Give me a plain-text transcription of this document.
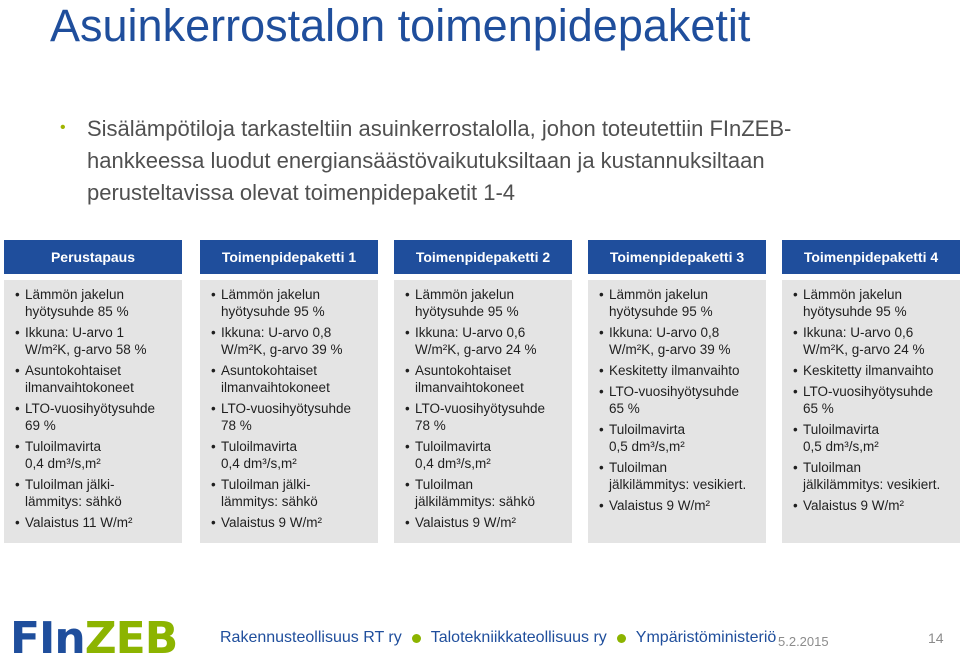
Asuinkerrostalon toimenpidepaketit
• Sisälämpötiloja tarkasteltiin asuinkerrostalolla, johon toteutettiin FInZEB-
hankkeessa luodut energiansäästövaikutuksiltaan ja kustannuksiltaan
perusteltavissa olevat toimenpidepaketit 1-4
Perustapaus
• Lämmön jakelun
hyötysuhde 85 %
• Ikkuna: U-arvo 1
W/m²K, g-arvo 58 %
• Asuntokohtaiset
ilmanvaihtokoneet
• LTO-vuosihyötysuhde
69 %
• Tuloilmavirta
0,4 dm³/s,m²
• Tuloilman jälki-
lämmitys: sähkö
• Valaistus 11 W/m²
Toimenpidepaketti 1
• Lämmön jakelun
hyötysuhde 95 %
• Ikkuna: U-arvo 0,8
W/m²K, g-arvo 39 %
• Asuntokohtaiset
ilmanvaihtokoneet
• LTO-vuosihyötysuhde
78 %
• Tuloilmavirta
0,4 dm³/s,m²
• Tuloilman jälki-
lämmitys: sähkö
• Valaistus 9 W/m²
Toimenpidepaketti 2
• Lämmön jakelun
hyötysuhde 95 %
• Ikkuna: U-arvo 0,6
W/m²K, g-arvo 24 %
• Asuntokohtaiset
ilmanvaihtokoneet
• LTO-vuosihyötysuhde
78 %
• Tuloilmavirta
0,4 dm³/s,m²
• Tuloilman
jälkilämmitys: sähkö
• Valaistus 9 W/m²
Toimenpidepaketti 3
• Lämmön jakelun
hyötysuhde 95 %
• Ikkuna: U-arvo 0,8
W/m²K, g-arvo 39 %
• Keskitetty ilmanvaihto
• LTO-vuosihyötysuhde
65 %
• Tuloilmavirta
0,5 dm³/s,m²
• Tuloilman
jälkilämmitys: vesikiert.
• Valaistus 9 W/m²
Toimenpidepaketti 4
• Lämmön jakelun
hyötysuhde 95 %
• Ikkuna: U-arvo 0,6
W/m²K, g-arvo 24 %
• Keskitetty ilmanvaihto
• LTO-vuosihyötysuhde
65 %
• Tuloilmavirta
0,5 dm³/s,m²
• Tuloilman
jälkilämmitys: vesikiert.
• Valaistus 9 W/m²
FIn ZEB	Rakennusteollisuus RT ry Talotekniikkateollisuus ry Ympäristöministeriö 5.2.2015	14
